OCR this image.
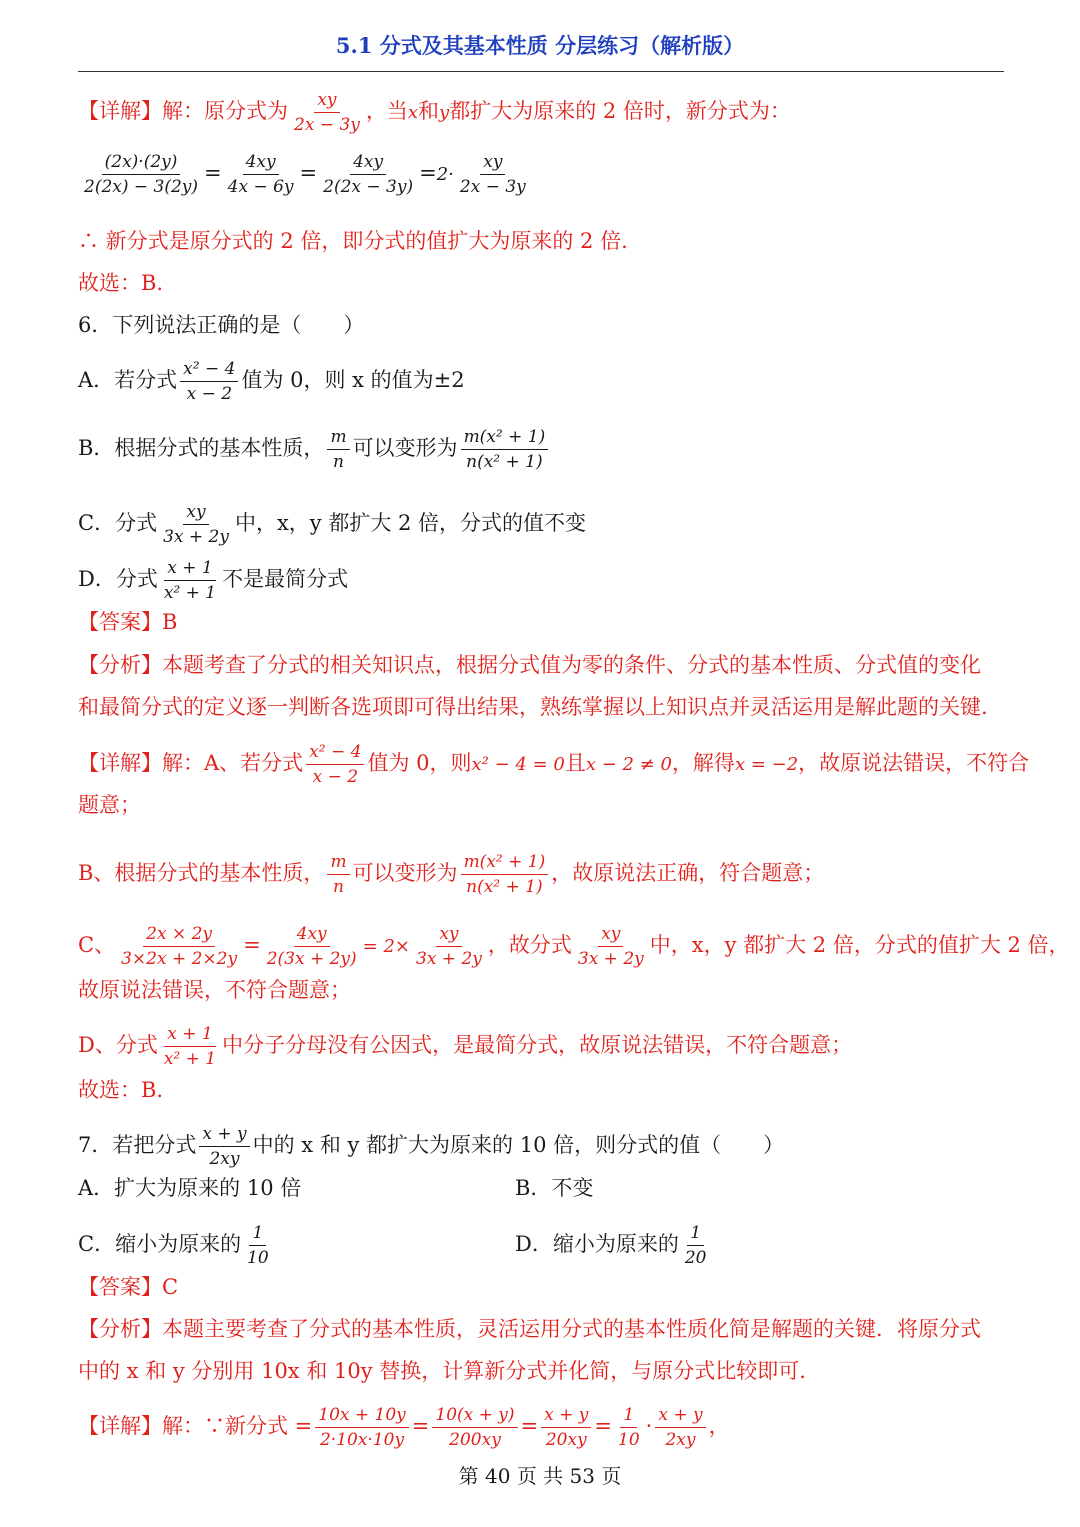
5.1 分式及其基本性质 分层练习（解析版）
【详解】解：原分式为 $\frac{xy}{2x - 3y}$ ，当x和y都扩大为原来的 2 倍时，新分式为：
$\frac{(2x)\cdot(2y)}{2(2x) - 3(2y)} = \frac{4xy}{4x - 6y} = \frac{4xy}{2(2x - 3y)} =2\cdot \frac{xy}{2x - 3y}$
∴ 新分式是原分式的 2 倍，即分式的值扩大为原来的 2 倍.
故选：B.
6．下列说法正确的是（　　）
A．若分式 $\frac{\text{x² − 4}}{x - 2}$ 值为 0，则 x 的值为±2
B．根据分式的基本性质， $\frac{m}{n}$ 可以变形为 $\frac{\text{m(x² + 1)}}{\text{n(x² + 1)}}$
C．分式 $\frac{xy}{3x + 2y}$ 中，x，y 都扩大 2 倍，分式的值不变
D．分式 $\frac{x + 1}{\text{x² + 1}}$ 不是最简分式
【答案】B
【分析】本题考查了分式的相关知识点，根据分式值为零的条件、分式的基本性质、分式值的变化
和最简分式的定义逐一判断各选项即可得出结果，熟练掌握以上知识点并灵活运用是解此题的关键.
【详解】解：A、若分式 $\frac{\text{x² − 4}}{x - 2}$ 值为 0，则x² − 4 = 0且x − 2 ≠ 0，解得x = −2，故原说法错误，不符合
题意；
B、根据分式的基本性质， $\frac{m}{n}$ 可以变形为 $\frac{\text{m(x² + 1)}}{\text{n(x² + 1)}}$ ，故原说法正确，符合题意；
C、 $\frac{2x \times 2y}{3\times 2x + 2\times 2y} = \frac{4xy}{2(3x + 2y)} = 2\times \frac{xy}{3x + 2y}$ ，故分式 $\frac{xy}{3x + 2y}$ 中，x，y 都扩大 2 倍，分式的值扩大 2 倍，
故原说法错误，不符合题意；
D、分式 $\frac{x + 1}{\text{x² + 1}}$ 中分子分母没有公因式，是最简分式，故原说法错误，不符合题意；
故选：B.
7．若把分式 $\frac{x + y}{2xy}$ 中的 x 和 y 都扩大为原来的 10 倍，则分式的值（　　）
A．扩大为原来的 10 倍	B．不变
C．缩小为原来的 $\frac{1}{10}$	D．缩小为原来的 $\frac{1}{20}$
【答案】C
【分析】本题主要考查了分式的基本性质，灵活运用分式的基本性质化简是解题的关键．将原分式
中的 x 和 y 分别用 10x 和 10y 替换，计算新分式并化简，与原分式比较即可.
【详解】解：∵新分式 = $\frac{10x + 10y}{2\cdot 10x\cdot 10y} = \frac{10(x + y)}{200xy} = \frac{x + y}{20xy} = \frac{1}{10} \cdot \frac{x + y}{2xy}$ ，
第 40 页 共 53 页
